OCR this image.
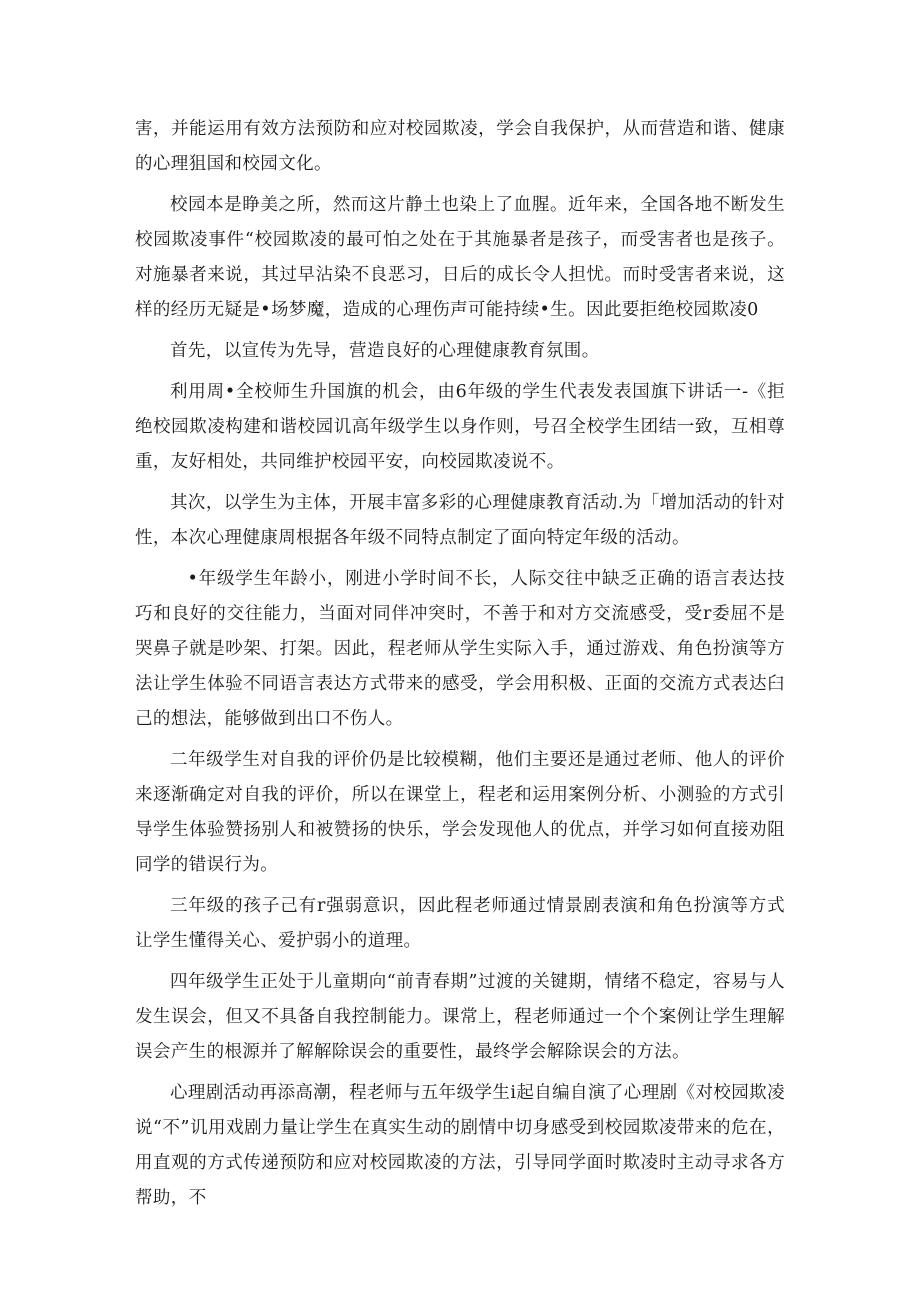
害，并能运用有效方法预防和应对校园欺凌，学会自我保护，从而营造和谐、健康的心理狙国和校园文化。

校园本是睁美之所，然而这片静土也染上了血腥。近年来，全国各地不断发生校园欺凌事件“校园欺凌的最可怕之处在于其施暴者是孩子，而受害者也是孩子。对施暴者来说，其过早沾染不良恶习，日后的成长令人担忧。而时受害者来说，这样的经历无疑是•场梦魔，造成的心理伤声可能持续•生。因此要拒绝校园欺凌0

首先，以宣传为先导，营造良好的心理健康教育氛围。

利用周•全校师生升国旗的机会，由6年级的学生代表发表国旗下讲话一-《拒绝校园欺凌构建和谐校园讥高年级学生以身作则，号召全校学生团结一致，互相尊重，友好相处，共同维护校园平安，向校园欺凌说不。

其次，以学生为主体，开展丰富多彩的心理健康教育活动.为「增加活动的针对性，本次心理健康周根据各年级不同特点制定了面向特定年级的活动。

•年级学生年龄小，刚进小学时间不长，人际交往中缺乏正确的语言表达技巧和良好的交往能力，当面对同伴冲突时，不善于和对方交流感受，受r委屈不是哭鼻子就是吵架、打架。因此，程老师从学生实际入手，通过游戏、角色扮演等方法让学生体验不同语言表达方式带来的感受，学会用积极、正面的交流方式表达臼己的想法，能够做到出口不伤人。

二年级学生对自我的评价仍是比较模糊，他们主要还是通过老师、他人的评价来逐渐确定对自我的评价，所以在课堂上，程老和运用案例分析、小测验的方式引导学生体验赞扬别人和被赞扬的快乐，学会发现他人的优点，并学习如何直接劝阻同学的错误行为。

三年级的孩子己有r强弱意识，因此程老师通过情景剧表演和角色扮演等方式让学生懂得关心、爱护弱小的道理。

四年级学生正处于儿童期向“前青春期”过渡的关键期，情绪不稳定，容易与人发生误会，但又不具备自我控制能力。课常上，程老师通过一个个案例让学生理解误会产生的根源并了解解除误会的重要性，最终学会解除误会的方法。

心理剧活动再添高潮，程老师与五年级学生i起自编自演了心理剧《对校园欺凌说“不”讥用戏剧力量让学生在真实生动的剧情中切身感受到校园欺凌带来的危在，用直观的方式传递预防和应对校园欺凌的方法，引导同学面时欺凌时主动寻求各方帮助，不
